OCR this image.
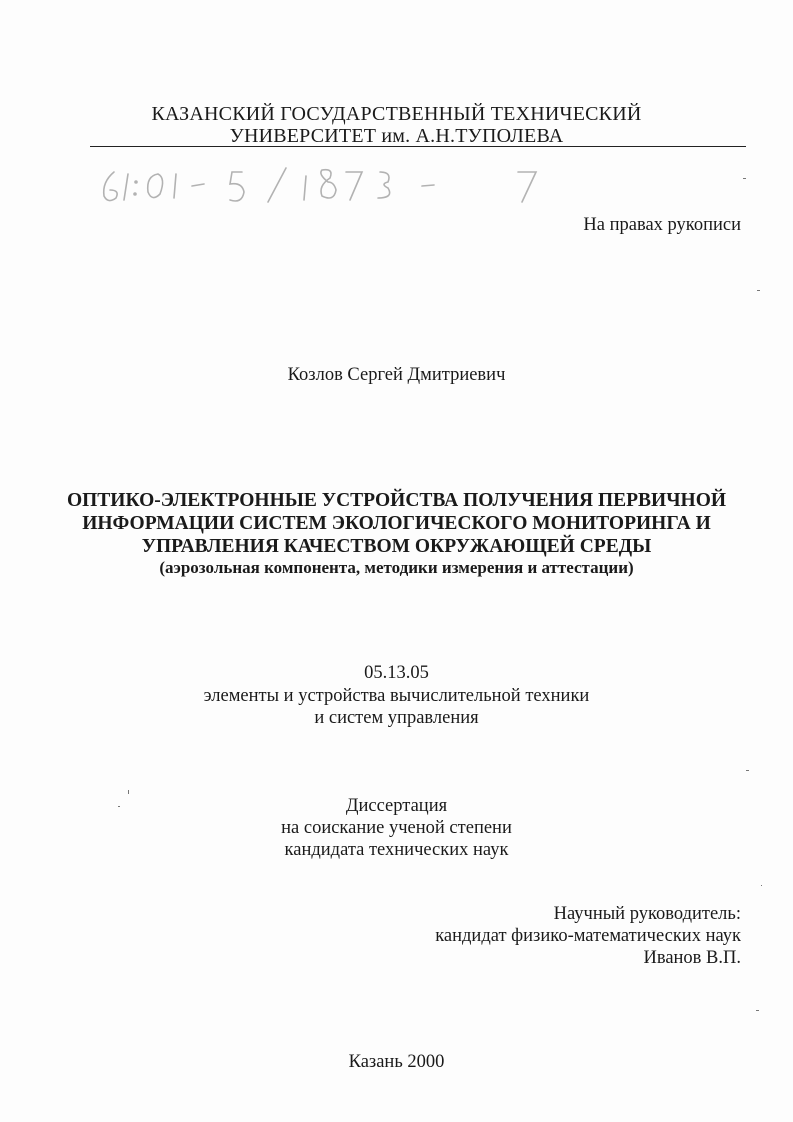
КАЗАНСКИЙ ГОСУДАРСТВЕННЫЙ ТЕХНИЧЕСКИЙ
УНИВЕРСИТЕТ им. А.Н.ТУПОЛЕВА
На правах рукописи
Козлов Сергей Дмитриевич
ОПТИКО-ЭЛЕКТРОННЫЕ УСТРОЙСТВА ПОЛУЧЕНИЯ ПЕРВИЧНОЙ
ИНФОРМАЦИИ СИСТЕМ ЭКОЛОГИЧЕСКОГО МОНИТОРИНГА И
УПРАВЛЕНИЯ КАЧЕСТВОМ ОКРУЖАЮЩЕЙ СРЕДЫ
(аэрозольная компонента, методики измерения и аттестации)
05.13.05
элементы и устройства вычислительной техники
и систем управления
Диссертация
на соискание ученой степени
кандидата технических наук
Научный руководитель:
кандидат физико-математических наук
Иванов В.П.
Казань 2000
